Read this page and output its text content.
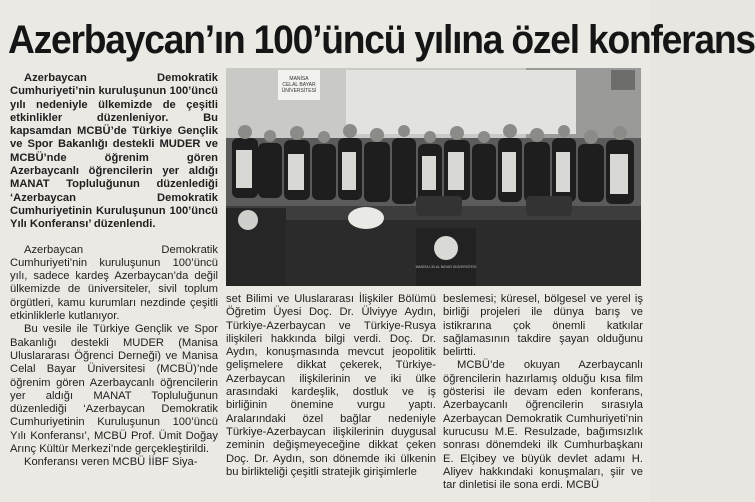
Azerbaycan’ın 100’üncü yılına özel konferans

Azerbaycan Demokratik Cumhuriyeti’nin kuruluşunun 100’üncü yılı nedeniyle ülkemizde de çeşitli etkinlikler düzenleniyor. Bu kapsamdan MCBÜ’de Türkiye Gençlik ve Spor Bakanlığı destekli MUDER ve MCBÜ’nde öğrenim gören Azerbaycanlı öğrencilerin yer aldığı MANAT Topluluğunun düzenlediği ‘Azerbaycan Demokratik Cumhuriyetinin Kuruluşunun 100’üncü Yılı Konferansı’ düzenlendi.

Azerbaycan Demokratik Cumhuriyeti’nin kuruluşunun 100’üncü yılı, sadece kardeş Azerbaycan’da değil ülkemizde de üniversiteler, sivil toplum örgütleri, kamu kurumları nezdinde çeşitli etkinliklerle kutlanıyor.

Bu vesile ile Türkiye Gençlik ve Spor Bakanlığı destekli MUDER (Manisa Uluslararası Öğrenci Derneği) ve Manisa Celal Bayar Üniversitesi (MCBÜ)’nde öğrenim gören Azerbaycanlı öğrencilerin yer aldığı MANAT Topluluğunun düzenlediği ‘Azerbaycan Demokratik Cumhuriyetinin Kuruluşunun 100’üncü Yılı Konferansı’, MCBÜ Prof. Ümit Doğay Arınç Kültür Merkezi’nde gerçekleştirildi.

Konferansı veren MCBÜ İİBF Siya-

MANİSA CELAL BAYAR ÜNİVERSİTESİ
MANİSA CELAL BAYAR ÜNİVERSİTESİ

set Bilimi ve Uluslararası İlişkiler Bölümü Öğretim Üyesi Doç. Dr. Ülviyye Aydın, Türkiye-Azerbaycan ve Türkiye-Rusya ilişkileri hakkında bilgi verdi. Doç. Dr. Aydın, konuşmasında mevcut jeopolitik gelişmelere dikkat çekerek, Türkiye-Azerbaycan ilişkilerinin ve iki ülke arasındaki kardeşlik, dostluk ve iş birliğinin önemine vurgu yaptı. Aralarındaki özel bağlar nedeniyle Türkiye-Azerbaycan ilişkilerinin duygusal zeminin değişmeyeceğine dikkat çeken Doç. Dr. Aydın, son dönemde iki ülkenin bu birlikteliği çeşitli stratejik girişimlerle

beslemesi; küresel, bölgesel ve yerel iş birliği projeleri ile dünya barış ve istikrarına çok önemli katkılar sağlamasının takdire şayan olduğunu belirtti.

MCBÜ’de okuyan Azerbaycanlı öğrencilerin hazırlamış olduğu kısa film gösterisi ile devam eden konferans, Azerbaycanlı öğrencilerin sırasıyla Azerbaycan Demokratik Cumhuriyeti’nin kurucusu M.E. Resulzade, bağımsızlık sonrası dönemdeki ilk Cumhurbaşkanı E. Elçibey ve büyük devlet adamı H. Aliyev hakkındaki konuşmaları, şiir ve tar dinletisi ile sona erdi. MCBÜ
